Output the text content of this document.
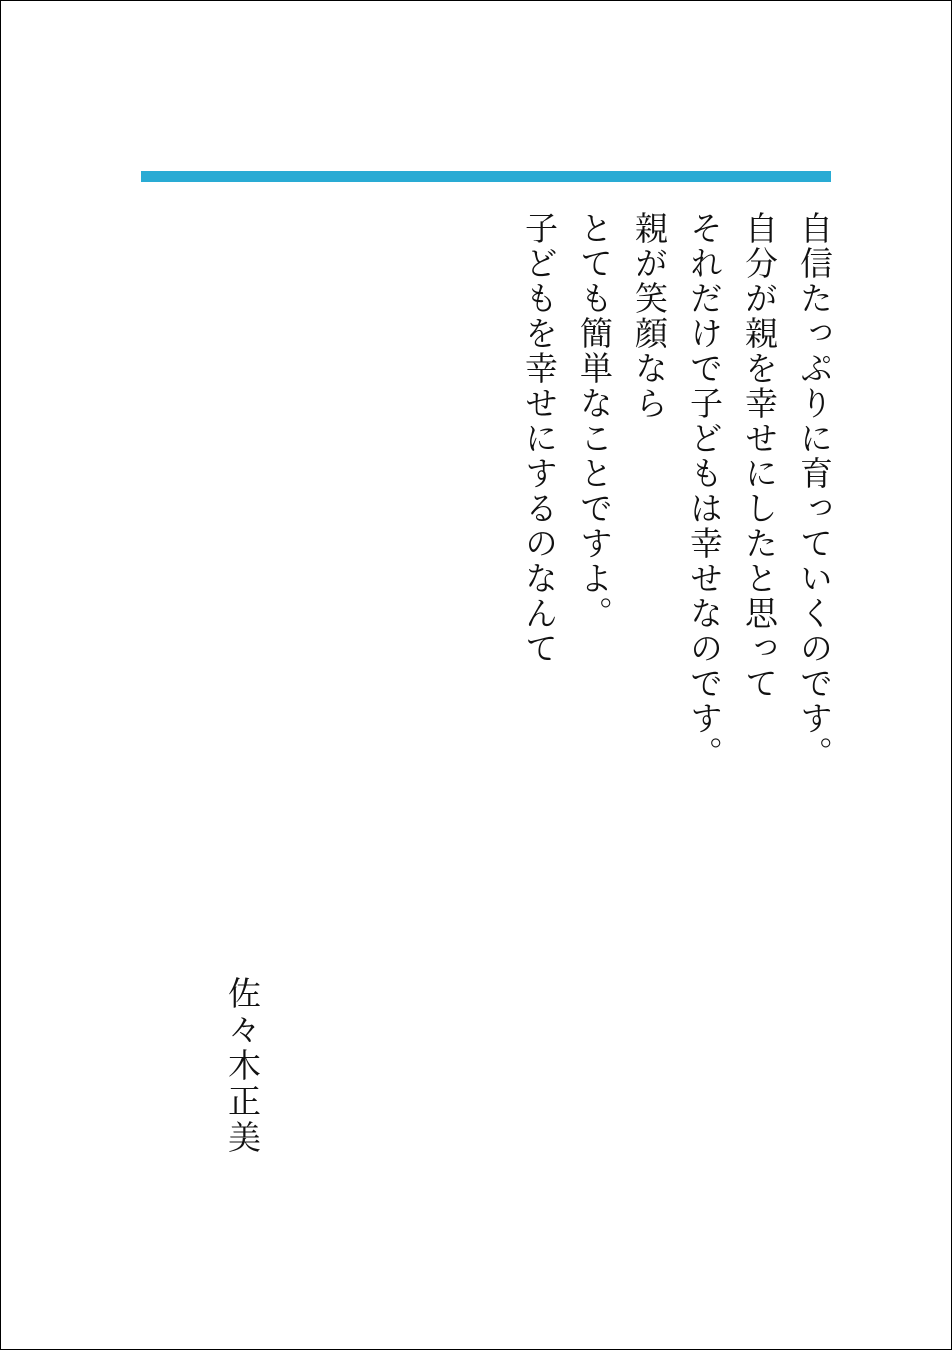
子どもを幸せにするのなんて とても簡単なことですよ。 親が笑顔なら それだけで子どもは幸せなのです。 自分が親を幸せにしたと思って 自信たっぷりに育っていくのです。
佐々木正美
